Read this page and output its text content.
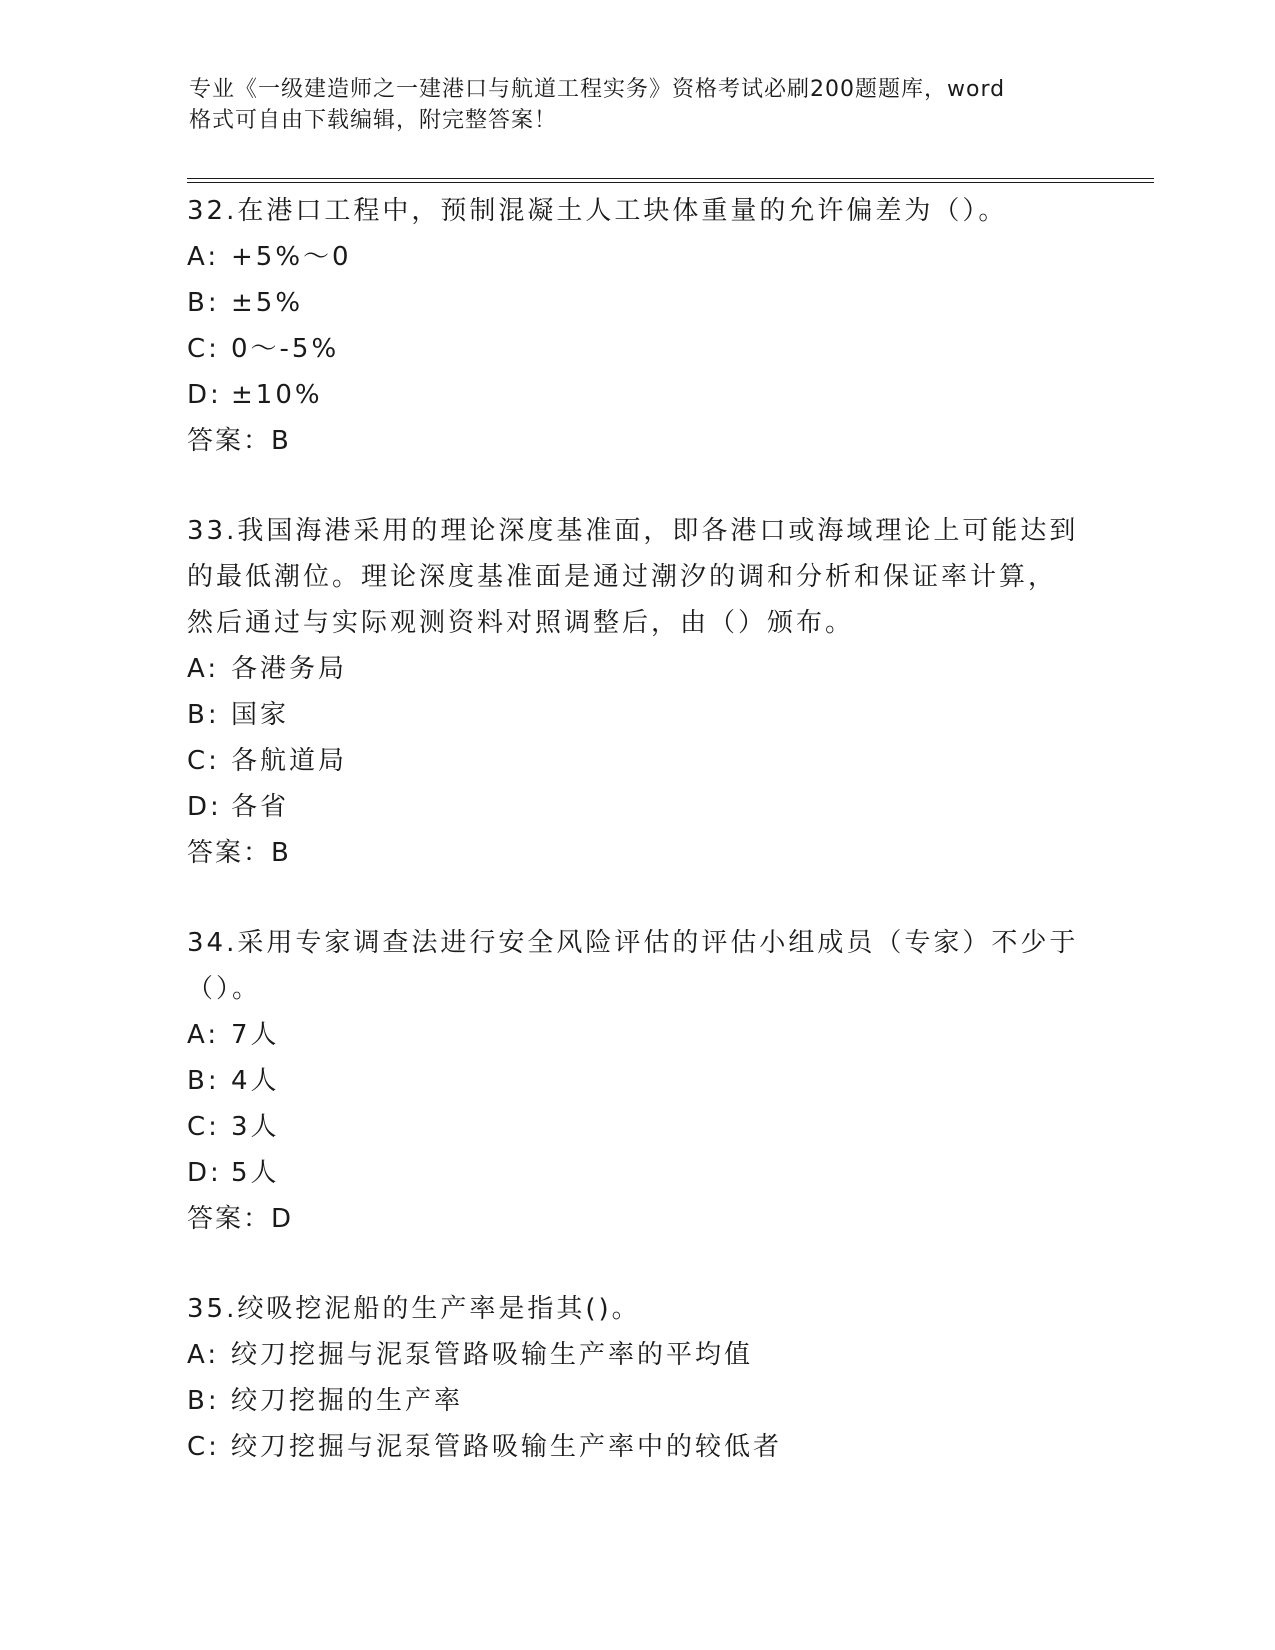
专业《一级建造师之一建港口与航道工程实务》资格考试必刷200题题库，word
格式可自由下载编辑，附完整答案！

32.在港口工程中，预制混凝土人工块体重量的允许偏差为（）。

A: +5%～0

B: ±5%

C: 0～-5%

D: ±10%

答案：B

33.我国海港采用的理论深度基准面，即各港口或海域理论上可能达到

的最低潮位。理论深度基准面是通过潮汐的调和分析和保证率计算，

然后通过与实际观测资料对照调整后，由（）颁布。

A: 各港务局

B: 国家

C: 各航道局

D: 各省

答案：B

34.采用专家调查法进行安全风险评估的评估小组成员（专家）不少于

（）。

A: 7人

B: 4人

C: 3人

D: 5人

答案：D

35.绞吸挖泥船的生产率是指其()。

A: 绞刀挖掘与泥泵管路吸输生产率的平均值

B: 绞刀挖掘的生产率

C: 绞刀挖掘与泥泵管路吸输生产率中的较低者
